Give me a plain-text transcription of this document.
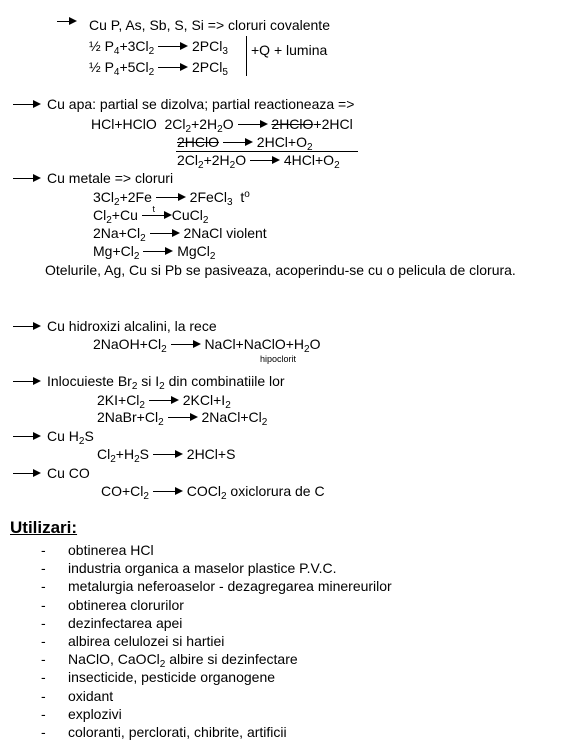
Cu P, As, Sb, S, Si => cloruri covalente
½ $P_4+3Cl_2$	2PCl$_3$
½ $P_4+5Cl_2$	2PCl$_5$
+Q + lumina
Cu apa: partial se dizolva; partial reactioneaza =>
HCl+HClO $2Cl_2+2H_2O$	2HClO+2HCl
2HClO	$2HCl+O_2$
$2Cl_2+2H_2O$	$4HCl+O_2$
Cu metale => cloruri
$3Cl_2+2Fe$	2FeCl$_3$ $t^o$
$Cl_2+Cu$	t	CuCl$_2$
$2Na+Cl_2$	2NaCl violent
$Mg+Cl_2$	MgCl$_2$
Otelurile, Ag, Cu si Pb se pasiveaza, acoperindu-se cu o pelicula de clorura.
Cu hidroxizi alcalini, la rece
$2NaOH+Cl_2$	$NaCl+NaClO+H_2O$
hipoclorit
Inlocuieste $Br_2$ si $I_2$ din combinatiile lor
$2KI+Cl_2$	$2KCl+I_2$
$2NaBr+Cl_2$	$2NaCl+Cl_2$
Cu $H_2S$
$Cl_2+H_2S$	2HCl+S
Cu CO
$CO+Cl_2$	COCl$_2$ oxiclorura de C
Utilizari:
- obtinerea HCl
- industria organica a maselor plastice P.V.C.
- metalurgia neferoaselor - dezagregarea minereurilor
- obtinerea clorurilor
- dezinfectarea apei
- albirea celulozei si hartiei
- NaClO, CaOCl$_2$ albire si dezinfectare
- insecticide, pesticide organogene
- oxidant
- explozivi
- coloranti, perclorati, chibrite, artificii
